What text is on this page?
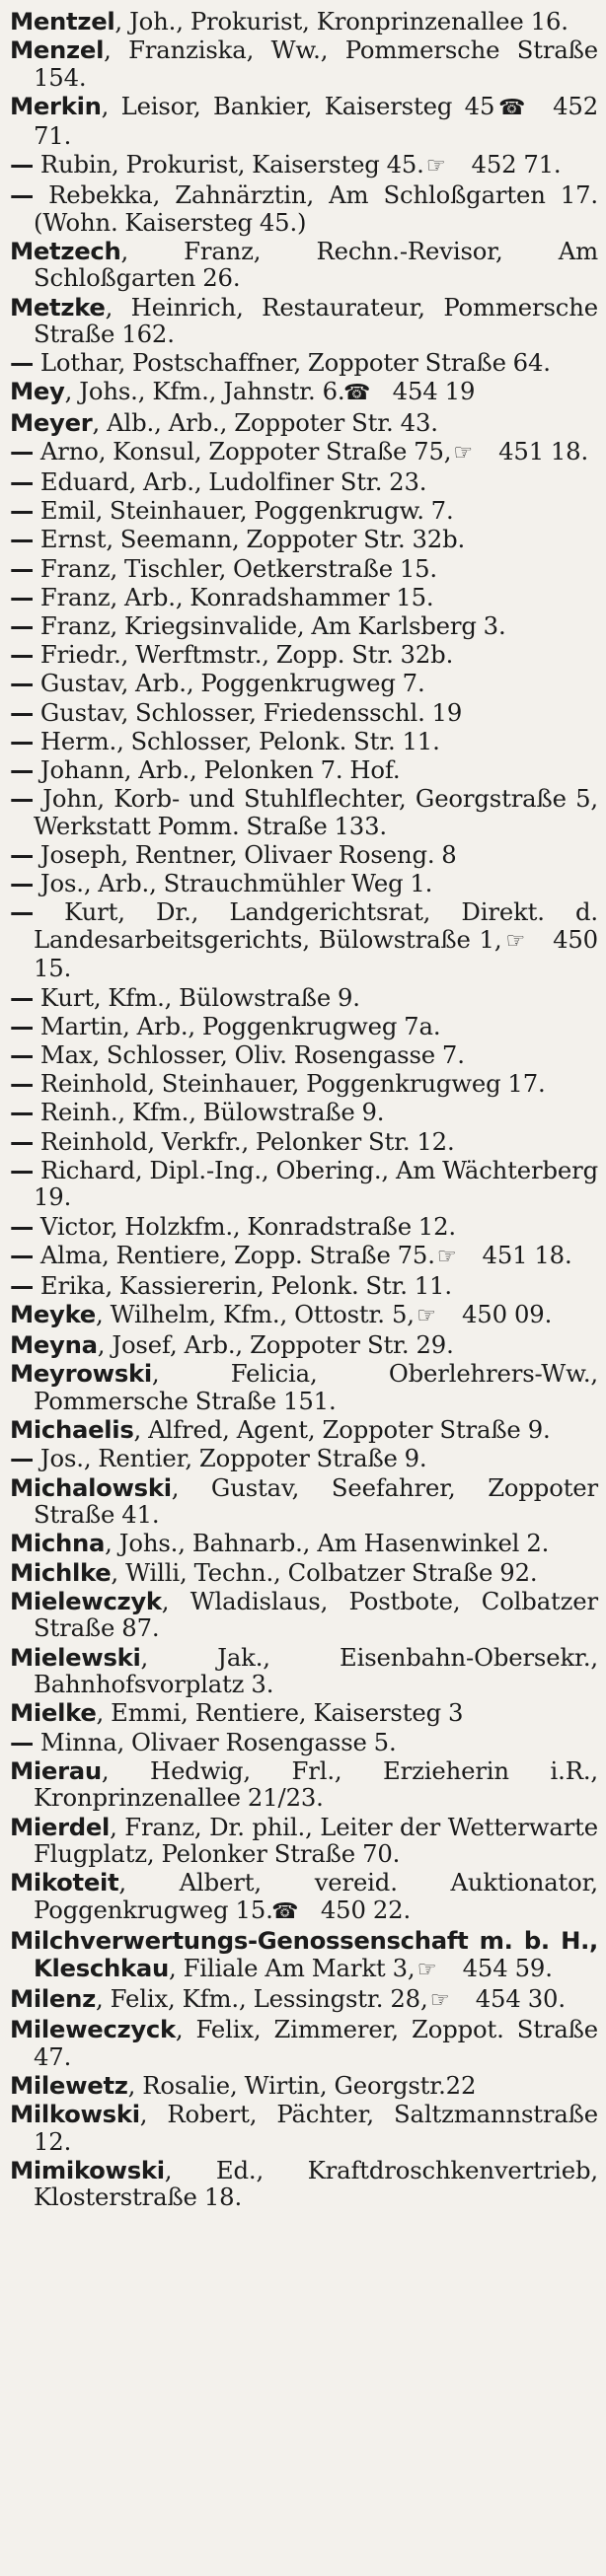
Mentzel, Joh., Prokurist, Kronprinzenallee 16.

Menzel, Franziska, Ww., Pommersche Straße 154.

Merkin, Leisor, Bankier, Kaisersteg 45 ☎ 452 71.

— Rubin, Prokurist, Kaisersteg 45. ☞ 452 71.

— Rebekka, Zahnärztin, Am Schloßgarten 17. (Wohn. Kaisersteg 45.)

Metzech, Franz, Rechn.-Revisor, Am Schloßgarten 26.

Metzke, Heinrich, Restaurateur, Pommersche Straße 162.

— Lothar, Postschaffner, Zoppoter Straße 64.

Mey, Johs., Kfm., Jahnstr. 6. ☎ 454 19

Meyer, Alb., Arb., Zoppoter Str. 43.

— Arno, Konsul, Zoppoter Straße 75, ☞ 451 18.

— Eduard, Arb., Ludolfiner Str. 23.

— Emil, Steinhauer, Poggenkrugw. 7.

— Ernst, Seemann, Zoppoter Str. 32b.

— Franz, Tischler, Oetkerstraße 15.

— Franz, Arb., Konradshammer 15.

— Franz, Kriegsinvalide, Am Karlsberg 3.

— Friedr., Werftmstr., Zopp. Str. 32b.

— Gustav, Arb., Poggenkrugweg 7.

— Gustav, Schlosser, Friedensschl. 19

— Herm., Schlosser, Pelonk. Str. 11.

— Johann, Arb., Pelonken 7. Hof.

— John, Korb- und Stuhlflechter, Georgstraße 5, Werkstatt Pomm. Straße 133.

— Joseph, Rentner, Olivaer Roseng. 8

— Jos., Arb., Strauchmühler Weg 1.

— Kurt, Dr., Landgerichtsrat, Direkt. d. Landesarbeitsgerichts, Bülowstraße 1, ☞ 450 15.

— Kurt, Kfm., Bülowstraße 9.

— Martin, Arb., Poggenkrugweg 7a.

— Max, Schlosser, Oliv. Rosengasse 7.

— Reinhold, Steinhauer, Poggenkrugweg 17.

— Reinh., Kfm., Bülowstraße 9.

— Reinhold, Verkfr., Pelonker Str. 12.

— Richard, Dipl.-Ing., Obering., Am Wächterberg 19.

— Victor, Holzkfm., Konradstraße 12.

— Alma, Rentiere, Zopp. Straße 75. ☞ 451 18.

— Erika, Kassiererin, Pelonk. Str. 11.

Meyke, Wilhelm, Kfm., Ottostr. 5, ☞ 450 09.

Meyna, Josef, Arb., Zoppoter Str. 29.

Meyrowski, Felicia, Oberlehrers-Ww., Pommersche Straße 151.

Michaelis, Alfred, Agent, Zoppoter Straße 9.

— Jos., Rentier, Zoppoter Straße 9.

Michalowski, Gustav, Seefahrer, Zoppoter Straße 41.

Michna, Johs., Bahnarb., Am Hasenwinkel 2.

Michlke, Willi, Techn., Colbatzer Straße 92.

Mielewczyk, Wladislaus, Postbote, Colbatzer Straße 87.

Mielewski, Jak., Eisenbahn-Obersekr., Bahnhofsvorplatz 3.

Mielke, Emmi, Rentiere, Kaisersteg 3

— Minna, Olivaer Rosengasse 5.

Mierau, Hedwig, Frl., Erzieherin i.R., Kronprinzenallee 21/23.

Mierdel, Franz, Dr. phil., Leiter der Wetterwarte Flugplatz, Pelonker Straße 70.

Mikoteit, Albert, vereid. Auktionator, Poggenkrugweg 15. ☎ 450 22.

Milchverwertungs-Genossenschaft m. b. H., Kleschkau, Filiale Am Markt 3, ☞ 454 59.

Milenz, Felix, Kfm., Lessingstr. 28, ☞ 454 30.

Mileweczyck, Felix, Zimmerer, Zoppot. Straße 47.

Milewetz, Rosalie, Wirtin, Georgstr.22

Milkowski, Robert, Pächter, Saltzmannstraße 12.

Mimikowski, Ed., Kraftdroschkenvertrieb, Klosterstraße 18.
